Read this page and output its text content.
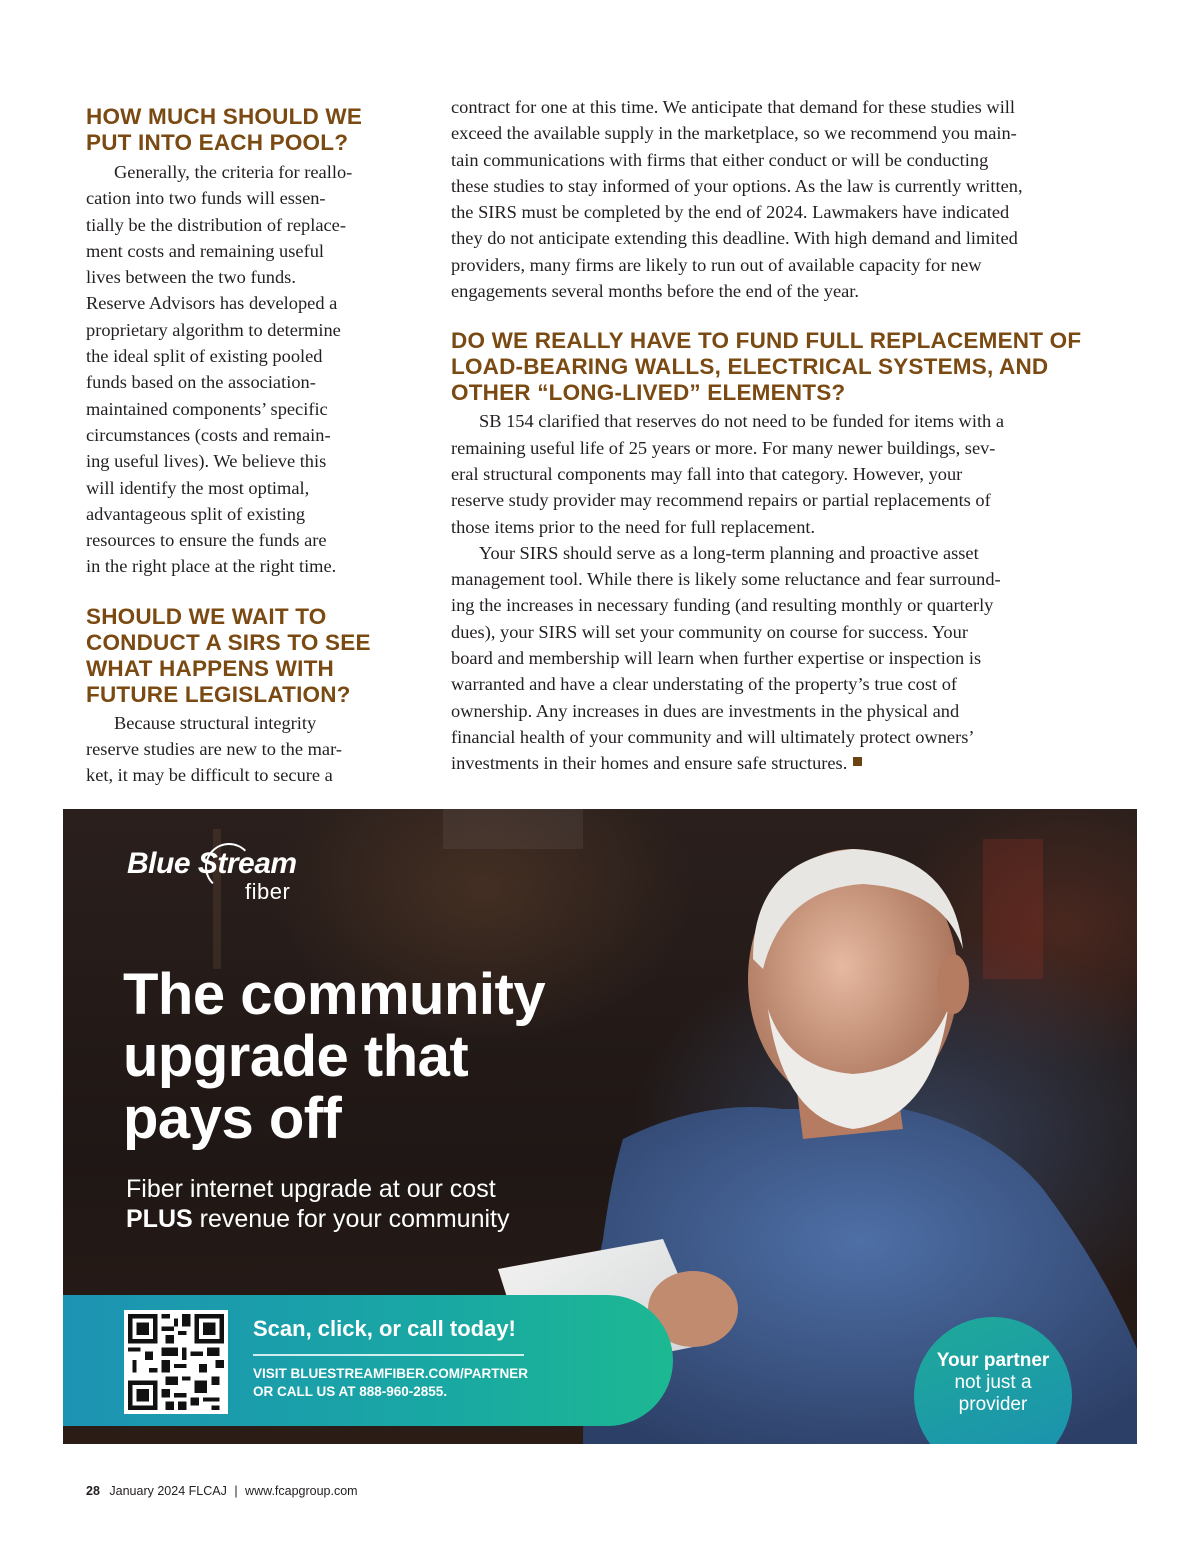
HOW MUCH SHOULD WE
PUT INTO EACH POOL?

Generally, the criteria for reallo-

cation into two funds will essen-

tially be the distribution of replace-

ment costs and remaining useful

lives between the two funds.

Reserve Advisors has developed a

proprietary algorithm to determine

the ideal split of existing pooled

funds based on the association-

maintained components’ specific

circumstances (costs and remain-

ing useful lives). We believe this

will identify the most optimal,

advantageous split of existing

resources to ensure the funds are

in the right place at the right time.

SHOULD WE WAIT TO
CONDUCT A SIRS TO SEE
WHAT HAPPENS WITH
FUTURE LEGISLATION?

Because structural integrity

reserve studies are new to the mar-

ket, it may be difficult to secure a

contract for one at this time. We anticipate that demand for these studies will

exceed the available supply in the marketplace, so we recommend you main-

tain communications with firms that either conduct or will be conducting

these studies to stay informed of your options. As the law is currently written,

the SIRS must be completed by the end of 2024. Lawmakers have indicated

they do not anticipate extending this deadline. With high demand and limited

providers, many firms are likely to run out of available capacity for new

engagements several months before the end of the year.

DO WE REALLY HAVE TO FUND FULL REPLACEMENT OF
LOAD-BEARING WALLS, ELECTRICAL SYSTEMS, AND
OTHER “LONG-LIVED” ELEMENTS?

SB 154 clarified that reserves do not need to be funded for items with a

remaining useful life of 25 years or more. For many newer buildings, sev-

eral structural components may fall into that category. However, your

reserve study provider may recommend repairs or partial replacements of

those items prior to the need for full replacement.

Your SIRS should serve as a long-term planning and proactive asset

management tool. While there is likely some reluctance and fear surround-

ing the increases in necessary funding (and resulting monthly or quarterly

dues), your SIRS will set your community on course for success. Your

board and membership will learn when further expertise or inspection is

warranted and have a clear understating of the property’s true cost of

ownership. Any increases in dues are investments in the physical and

financial health of your community and will ultimately protect owners’

investments in their homes and ensure safe structures.

Blue Stream
fiber
The community
upgrade that
pays off
Fiber internet upgrade at our cost
PLUS revenue for your community
Scan, click, or call today!
VISIT BLUESTREAMFIBER.COM/PARTNER
OR CALL US AT 888-960-2855.
Your partner
not just a
provider
28 January 2024 FLCAJ | www.fcapgroup.com
